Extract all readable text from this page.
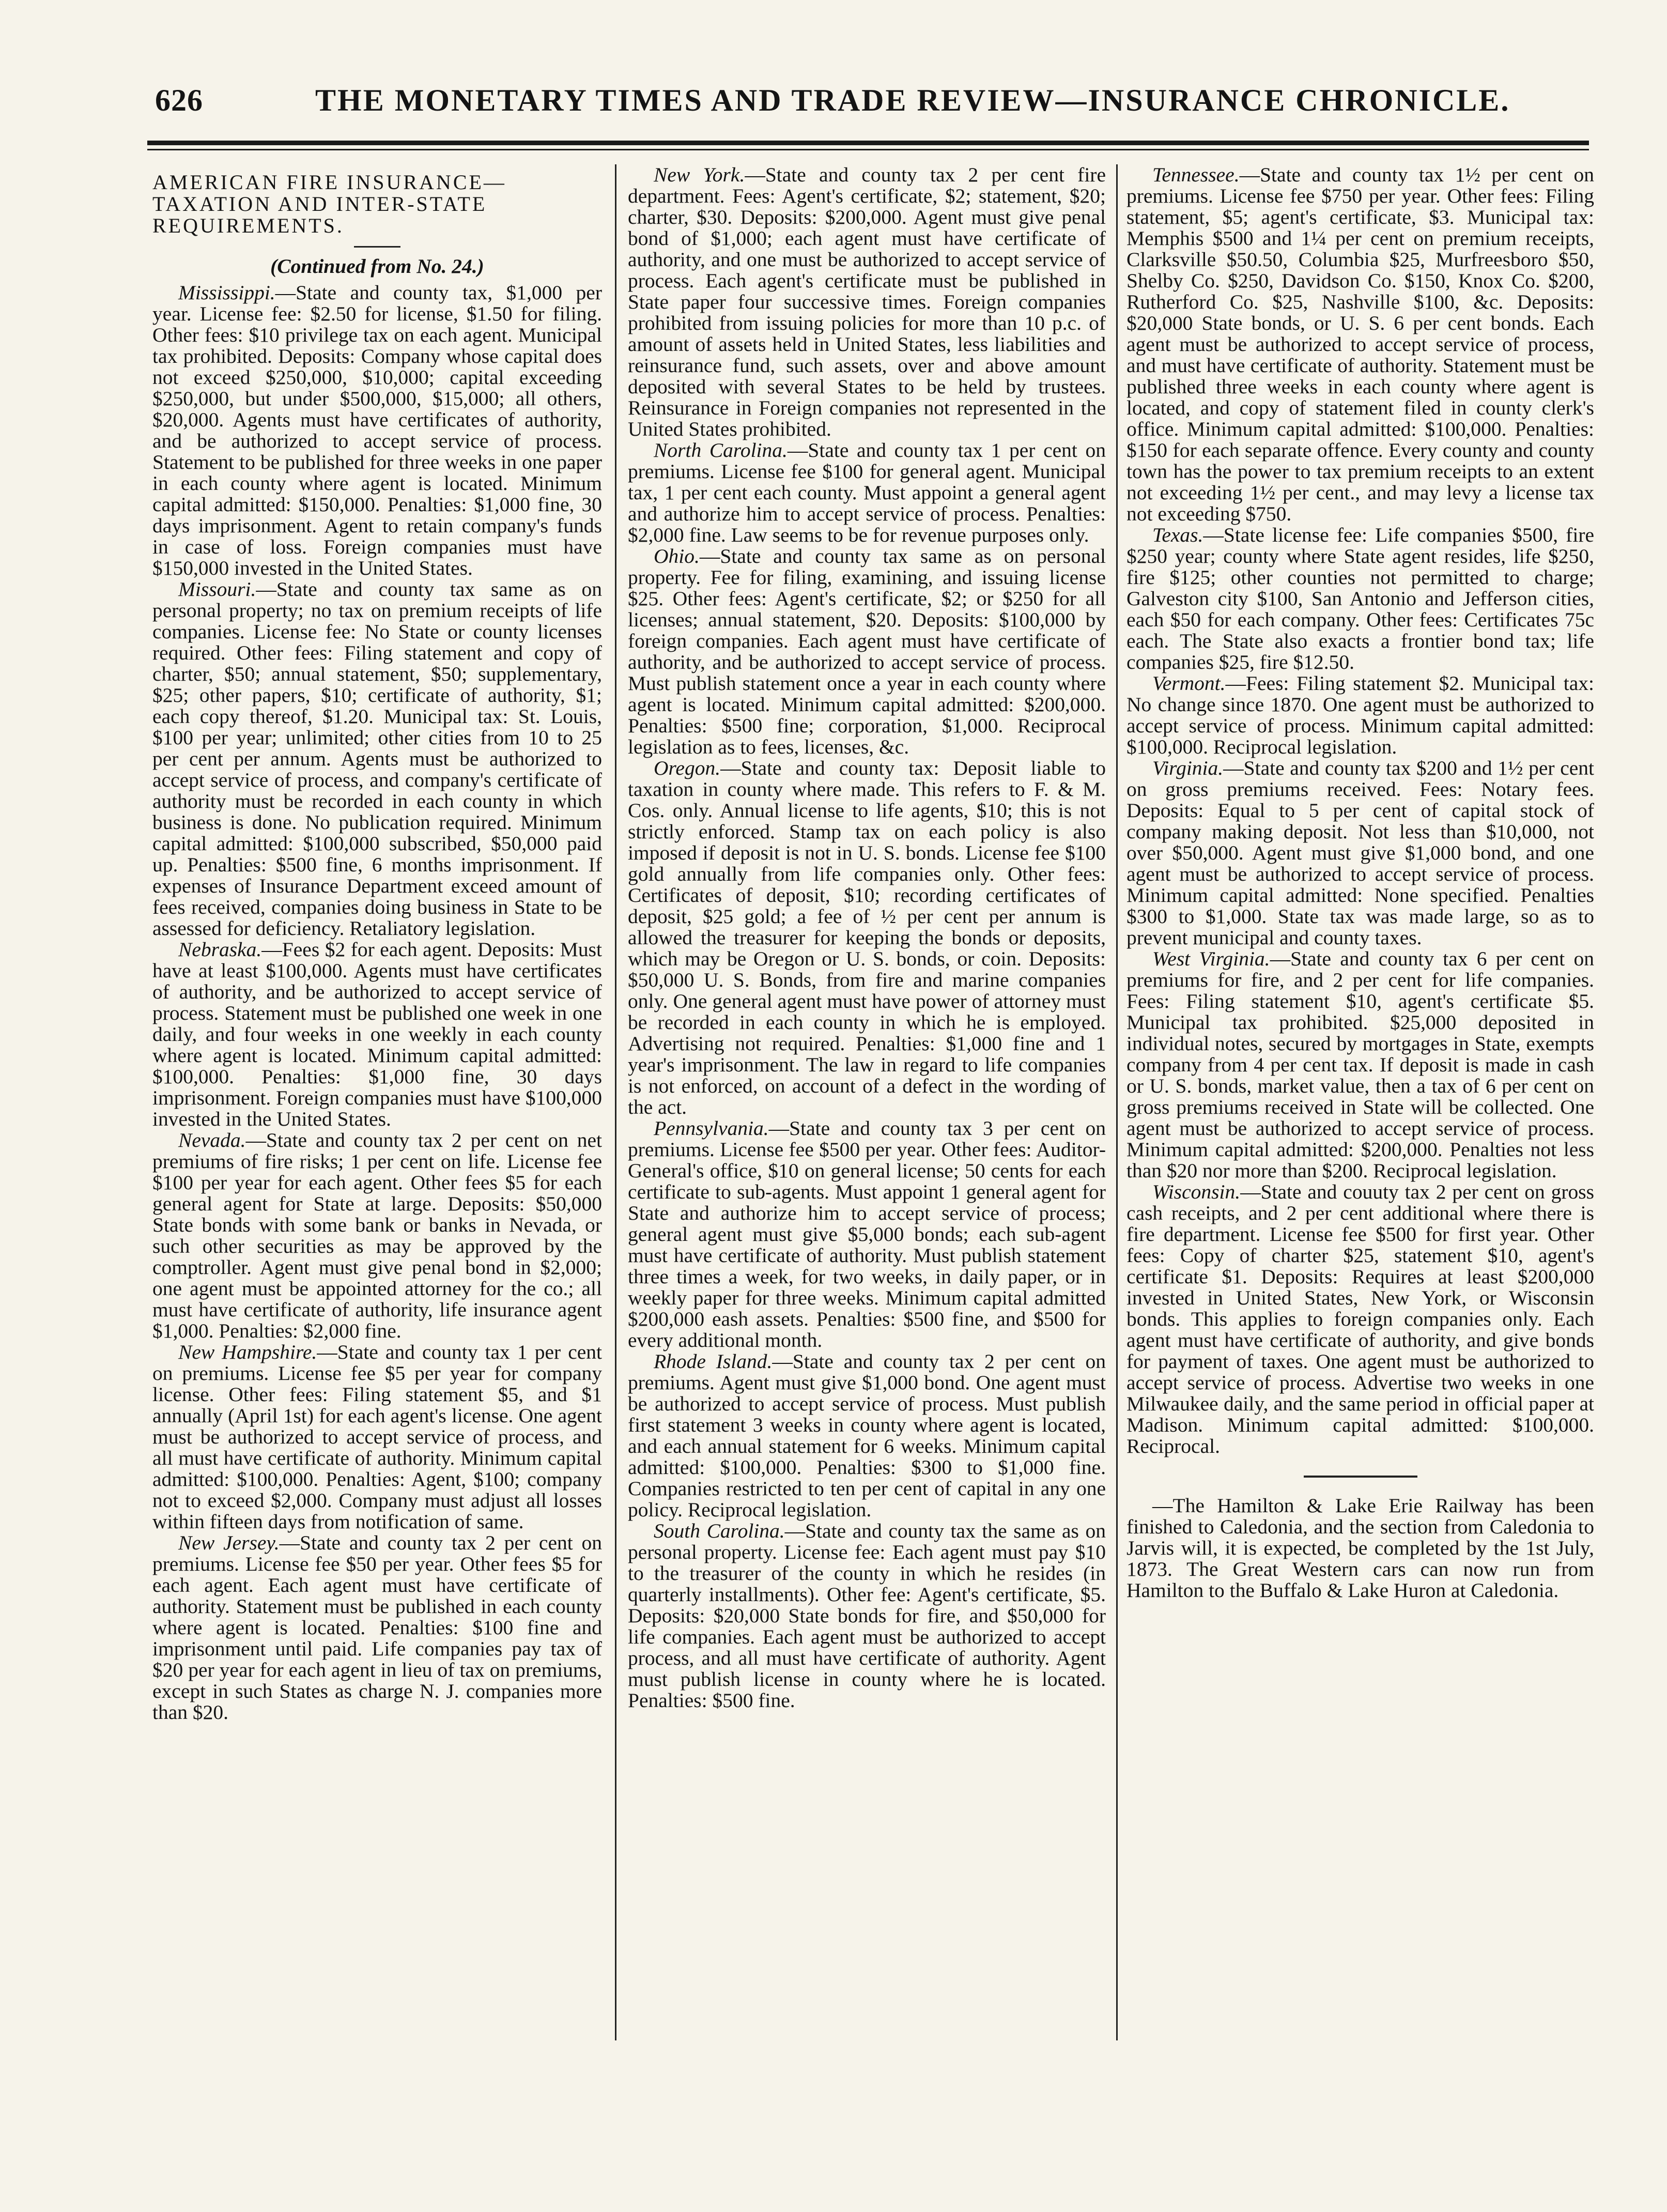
626	THE MONETARY TIMES AND TRADE REVIEW—INSURANCE CHRONICLE.
AMERICAN FIRE INSURANCE—TAXATION AND INTER-STATE REQUIREMENTS.

(Continued from No. 24.)

Mississippi.—State and county tax, $1,000 per year. License fee: $2.50 for license, $1.50 for filing. Other fees: $10 privilege tax on each agent. Municipal tax prohibited. Deposits: Company whose capital does not exceed $250,000, $10,000; capital exceeding $250,000, but under $500,000, $15,000; all others, $20,000. Agents must have certificates of authority, and be authorized to accept service of process. Statement to be published for three weeks in one paper in each county where agent is located. Minimum capital admitted: $150,000. Penalties: $1,000 fine, 30 days imprisonment. Agent to retain company's funds in case of loss. Foreign companies must have $150,000 invested in the United States.

Missouri.—State and county tax same as on personal property; no tax on premium receipts of life companies. License fee: No State or county licenses required. Other fees: Filing statement and copy of charter, $50; annual statement, $50; supplementary, $25; other papers, $10; certificate of authority, $1; each copy thereof, $1.20. Municipal tax: St. Louis, $100 per year; unlimited; other cities from 10 to 25 per cent per annum. Agents must be authorized to accept service of process, and company's certificate of authority must be recorded in each county in which business is done. No publication required. Minimum capital admitted: $100,000 subscribed, $50,000 paid up. Penalties: $500 fine, 6 months imprisonment. If expenses of Insurance Department exceed amount of fees received, companies doing business in State to be assessed for deficiency. Retaliatory legislation.

Nebraska.—Fees $2 for each agent. Deposits: Must have at least $100,000. Agents must have certificates of authority, and be authorized to accept service of process. Statement must be published one week in one daily, and four weeks in one weekly in each county where agent is located. Minimum capital admitted: $100,000. Penalties: $1,000 fine, 30 days imprisonment. Foreign companies must have $100,000 invested in the United States.

Nevada.—State and county tax 2 per cent on net premiums of fire risks; 1 per cent on life. License fee $100 per year for each agent. Other fees $5 for each general agent for State at large. Deposits: $50,000 State bonds with some bank or banks in Nevada, or such other securities as may be approved by the comptroller. Agent must give penal bond in $2,000; one agent must be appointed attorney for the co.; all must have certificate of authority, life insurance agent $1,000. Penalties: $2,000 fine.

New Hampshire.—State and county tax 1 per cent on premiums. License fee $5 per year for company license. Other fees: Filing statement $5, and $1 annually (April 1st) for each agent's license. One agent must be authorized to accept service of process, and all must have certificate of authority. Minimum capital admitted: $100,000. Penalties: Agent, $100; company not to exceed $2,000. Company must adjust all losses within fifteen days from notification of same.

New Jersey.—State and county tax 2 per cent on premiums. License fee $50 per year. Other fees $5 for each agent. Each agent must have certificate of authority. Statement must be published in each county where agent is located. Penalties: $100 fine and imprisonment until paid. Life companies pay tax of $20 per year for each agent in lieu of tax on premiums, except in such States as charge N. J. companies more than $20.

New York.—State and county tax 2 per cent fire department. Fees: Agent's certificate, $2; statement, $20; charter, $30. Deposits: $200,000. Agent must give penal bond of $1,000; each agent must have certificate of authority, and one must be authorized to accept service of process. Each agent's certificate must be published in State paper four successive times. Foreign companies prohibited from issuing policies for more than 10 p.c. of amount of assets held in United States, less liabilities and reinsurance fund, such assets, over and above amount deposited with several States to be held by trustees. Reinsurance in Foreign companies not represented in the United States prohibited.

North Carolina.—State and county tax 1 per cent on premiums. License fee $100 for general agent. Municipal tax, 1 per cent each county. Must appoint a general agent and authorize him to accept service of process. Penalties: $2,000 fine. Law seems to be for revenue purposes only.

Ohio.—State and county tax same as on personal property. Fee for filing, examining, and issuing license $25. Other fees: Agent's certificate, $2; or $250 for all licenses; annual statement, $20. Deposits: $100,000 by foreign companies. Each agent must have certificate of authority, and be authorized to accept service of process. Must publish statement once a year in each county where agent is located. Minimum capital admitted: $200,000. Penalties: $500 fine; corporation, $1,000. Reciprocal legislation as to fees, licenses, &c.

Oregon.—State and county tax: Deposit liable to taxation in county where made. This refers to F. & M. Cos. only. Annual license to life agents, $10; this is not strictly enforced. Stamp tax on each policy is also imposed if deposit is not in U. S. bonds. License fee $100 gold annually from life companies only. Other fees: Certificates of deposit, $10; recording certificates of deposit, $25 gold; a fee of ½ per cent per annum is allowed the treasurer for keeping the bonds or deposits, which may be Oregon or U. S. bonds, or coin. Deposits: $50,000 U. S. Bonds, from fire and marine companies only. One general agent must have power of attorney must be recorded in each county in which he is employed. Advertising not required. Penalties: $1,000 fine and 1 year's imprisonment. The law in regard to life companies is not enforced, on account of a defect in the wording of the act.

Pennsylvania.—State and county tax 3 per cent on premiums. License fee $500 per year. Other fees: Auditor-General's office, $10 on general license; 50 cents for each certificate to sub-agents. Must appoint 1 general agent for State and authorize him to accept service of process; general agent must give $5,000 bonds; each sub-agent must have certificate of authority. Must publish statement three times a week, for two weeks, in daily paper, or in weekly paper for three weeks. Minimum capital admitted $200,000 eash assets. Penalties: $500 fine, and $500 for every additional month.

Rhode Island.—State and county tax 2 per cent on premiums. Agent must give $1,000 bond. One agent must be authorized to accept service of process. Must publish first statement 3 weeks in county where agent is located, and each annual statement for 6 weeks. Minimum capital admitted: $100,000. Penalties: $300 to $1,000 fine. Companies restricted to ten per cent of capital in any one policy. Reciprocal legislation.

South Carolina.—State and county tax the same as on personal property. License fee: Each agent must pay $10 to the treasurer of the county in which he resides (in quarterly installments). Other fee: Agent's certificate, $5. Deposits: $20,000 State bonds for fire, and $50,000 for life companies. Each agent must be authorized to accept process, and all must have certificate of authority. Agent must publish license in county where he is located. Penalties: $500 fine.

Tennessee.—State and county tax 1½ per cent on premiums. License fee $750 per year. Other fees: Filing statement, $5; agent's certificate, $3. Municipal tax: Memphis $500 and 1¼ per cent on premium receipts, Clarksville $50.50, Columbia $25, Murfreesboro $50, Shelby Co. $250, Davidson Co. $150, Knox Co. $200, Rutherford Co. $25, Nashville $100, &c. Deposits: $20,000 State bonds, or U. S. 6 per cent bonds. Each agent must be authorized to accept service of process, and must have certificate of authority. Statement must be published three weeks in each county where agent is located, and copy of statement filed in county clerk's office. Minimum capital admitted: $100,000. Penalties: $150 for each separate offence. Every county and county town has the power to tax premium receipts to an extent not exceeding 1½ per cent., and may levy a license tax not exceeding $750.

Texas.—State license fee: Life companies $500, fire $250 year; county where State agent resides, life $250, fire $125; other counties not permitted to charge; Galveston city $100, San Antonio and Jefferson cities, each $50 for each company. Other fees: Certificates 75c each. The State also exacts a frontier bond tax; life companies $25, fire $12.50.

Vermont.—Fees: Filing statement $2. Municipal tax: No change since 1870. One agent must be authorized to accept service of process. Minimum capital admitted: $100,000. Reciprocal legislation.

Virginia.—State and county tax $200 and 1½ per cent on gross premiums received. Fees: Notary fees. Deposits: Equal to 5 per cent of capital stock of company making deposit. Not less than $10,000, not over $50,000. Agent must give $1,000 bond, and one agent must be authorized to accept service of process. Minimum capital admitted: None specified. Penalties $300 to $1,000. State tax was made large, so as to prevent municipal and county taxes.

West Virginia.—State and county tax 6 per cent on premiums for fire, and 2 per cent for life companies. Fees: Filing statement $10, agent's certificate $5. Municipal tax prohibited. $25,000 deposited in individual notes, secured by mortgages in State, exempts company from 4 per cent tax. If deposit is made in cash or U. S. bonds, market value, then a tax of 6 per cent on gross premiums received in State will be collected. One agent must be authorized to accept service of process. Minimum capital admitted: $200,000. Penalties not less than $20 nor more than $200. Reciprocal legislation.

Wisconsin.—State and couuty tax 2 per cent on gross cash receipts, and 2 per cent additional where there is fire department. License fee $500 for first year. Other fees: Copy of charter $25, statement $10, agent's certificate $1. Deposits: Requires at least $200,000 invested in United States, New York, or Wisconsin bonds. This applies to foreign companies only. Each agent must have certificate of authority, and give bonds for payment of taxes. One agent must be authorized to accept service of process. Advertise two weeks in one Milwaukee daily, and the same period in official paper at Madison. Minimum capital admitted: $100,000. Reciprocal.

—The Hamilton & Lake Erie Railway has been finished to Caledonia, and the section from Caledonia to Jarvis will, it is expected, be completed by the 1st July, 1873. The Great Western cars can now run from Hamilton to the Buffalo & Lake Huron at Caledonia.
